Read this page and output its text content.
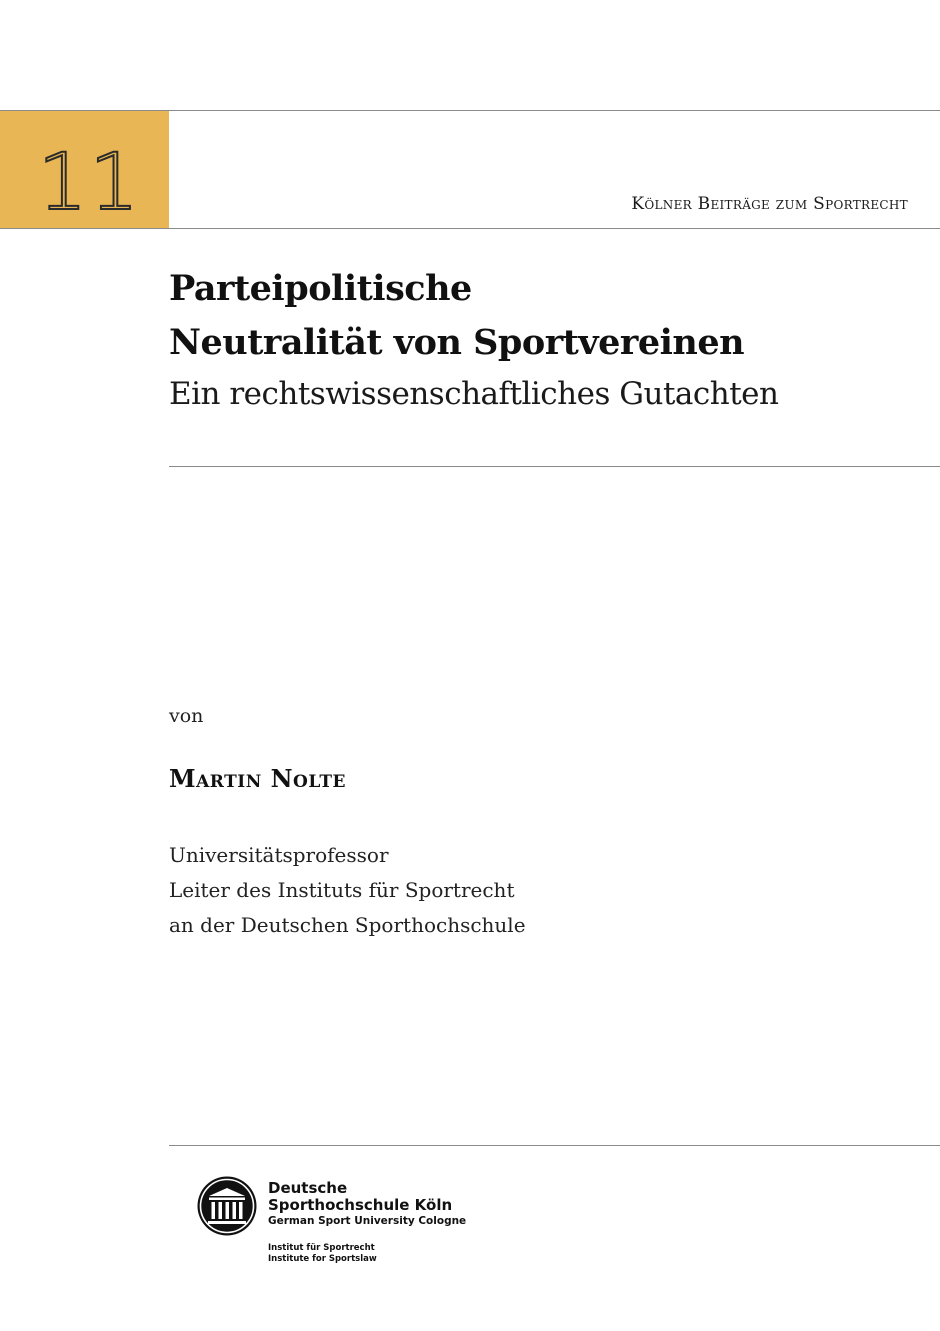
11	Kölner Beiträge zum Sportrecht
Parteipolitische
Neutralität von Sportvereinen
Ein rechtswissenschaftliches Gutachten
von
Martin Nolte
Universitätsprofessor
Leiter des Instituts für Sportrecht
an der Deutschen Sporthochschule
Deutsche
Sporthochschule Köln
German Sport University Cologne
Institut für Sportrecht
Institute for Sportslaw
